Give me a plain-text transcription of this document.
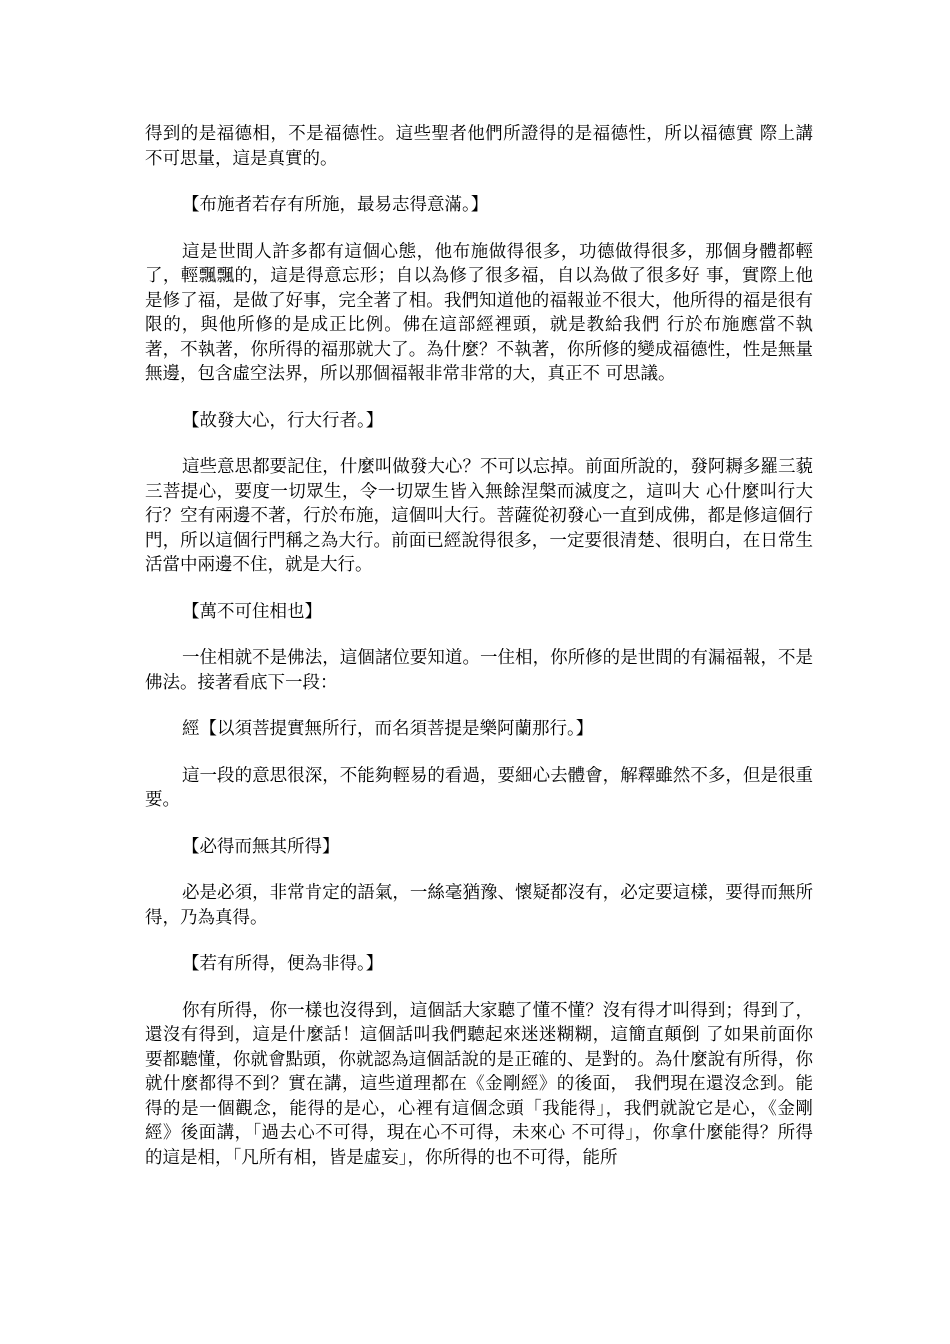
得到的是福德相，不是福德性。這些聖者他們所證得的是福德性，所以福德實 際上講不可思量，這是真實的。

【布施者若存有所施，最易志得意滿。】

這是世間人許多都有這個心態，他布施做得很多，功德做得很多，那個身體都輕了，輕飄飄的，這是得意忘形；自以為修了很多福，自以為做了很多好 事，實際上他是修了福，是做了好事，完全著了相。我們知道他的福報並不很大，他所得的福是很有限的，與他所修的是成正比例。佛在這部經裡頭，就是教給我們 行於布施應當不執著，不執著，你所得的福那就大了。為什麼？不執著，你所修的變成福德性，性是無量無邊，包含虛空法界，所以那個福報非常非常的大，真正不 可思議。

【故發大心，行大行者。】

這些意思都要記住，什麼叫做發大心？不可以忘掉。前面所說的，發阿耨多羅三藐三菩提心，要度一切眾生，令一切眾生皆入無餘涅槃而滅度之，這叫大 心什麼叫行大行？空有兩邊不著，行於布施，這個叫大行。菩薩從初發心一直到成佛，都是修這個行門，所以這個行門稱之為大行。前面已經說得很多，一定要很清楚、很明白，在日常生活當中兩邊不住，就是大行。

【萬不可住相也】

一住相就不是佛法，這個諸位要知道。一住相，你所修的是世間的有漏福報，不是佛法。接著看底下一段：

經【以須菩提實無所行，而名須菩提是樂阿蘭那行。】

這一段的意思很深，不能夠輕易的看過，要細心去體會，解釋雖然不多，但是很重要。

【必得而無其所得】

必是必須，非常肯定的語氣，一絲毫猶豫、懷疑都沒有，必定要這樣，要得而無所得，乃為真得。

【若有所得，便為非得。】

你有所得，你一樣也沒得到，這個話大家聽了懂不懂？沒有得才叫得到；得到了，還沒有得到，這是什麼話！這個話叫我們聽起來迷迷糊糊，這簡直顛倒 了如果前面你要都聽懂，你就會點頭，你就認為這個話說的是正確的、是對的。為什麼說有所得，你就什麼都得不到？實在講，這些道理都在《金剛經》的後面， 我們現在還沒念到。能得的是一個觀念，能得的是心，心裡有這個念頭「我能得」，我們就說它是心，《金剛經》後面講，「過去心不可得，現在心不可得，未來心 不可得」，你拿什麼能得？所得的這是相，「凡所有相，皆是虛妄」，你所得的也不可得，能所
